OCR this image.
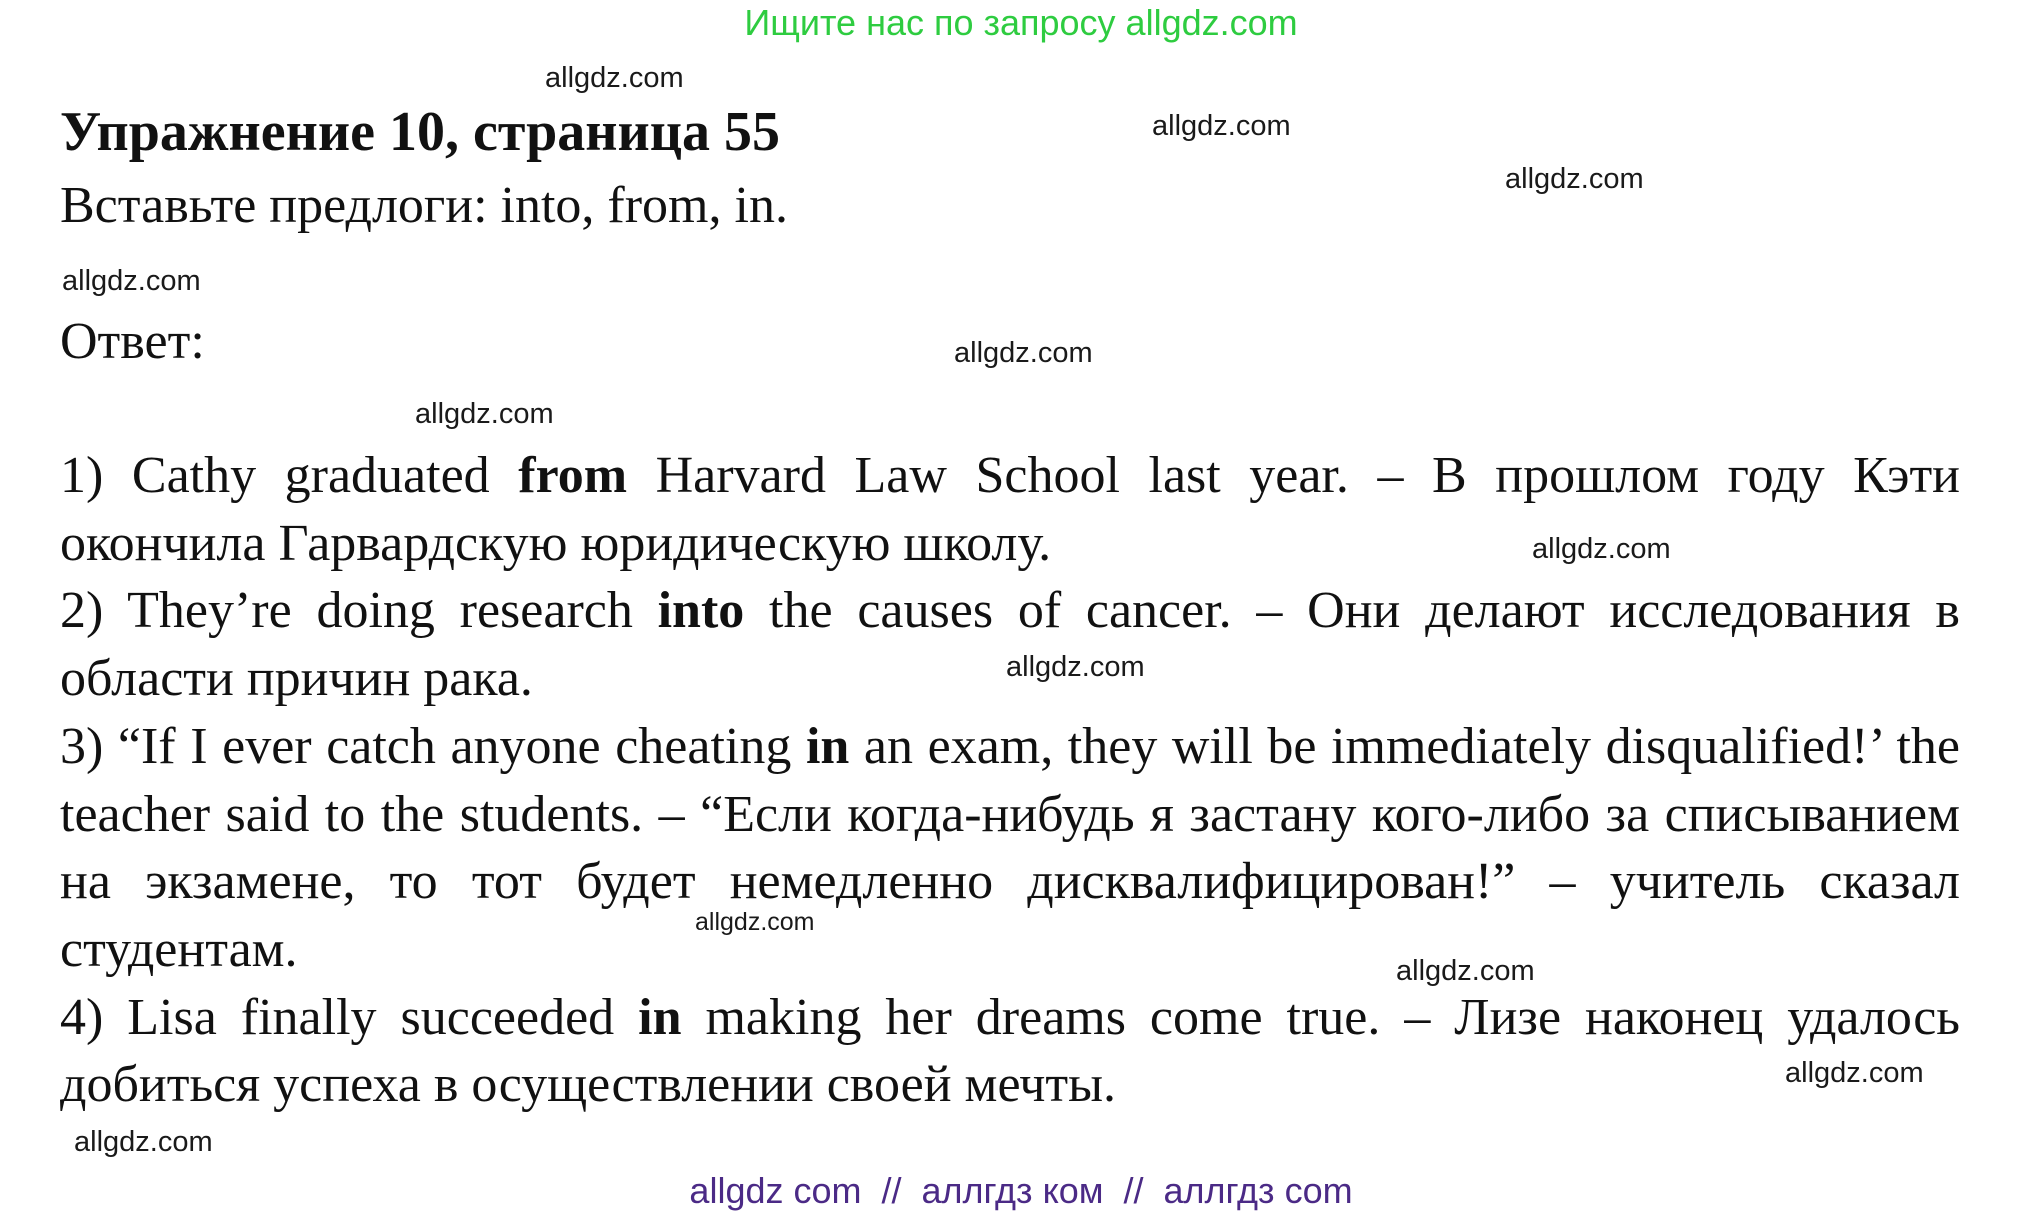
Ищите нас по запросу allgdz.com
Упражнение 10, страница 55
Вставьте предлоги: into, from, in.
Ответ:

1) Cathy graduated from Harvard Law School last year. – В прошлом году Кэти окончила Гарвардскую юридическую школу.

2) They’re doing research into the causes of cancer. – Они делают исследования в области причин рака.

3) “If I ever catch anyone cheating in an exam, they will be immediately disqualified!’ the teacher said to the students. – “Если когда-нибудь я застану кого-либо за списыванием на экзамене, то тот будет немедленно дисквалифицирован!” – учитель сказал студентам.

4) Lisa finally succeeded in making her dreams come true. – Лизе наконец удалось добиться успеха в осуществлении своей мечты.

allgdz.com
allgdz.com
allgdz.com
allgdz.com
allgdz.com
allgdz.com
allgdz.com
allgdz.com
allgdz.com
allgdz.com
allgdz.com
allgdz.com
allgdz com  //  аллгдз ком  //  аллгдз com
